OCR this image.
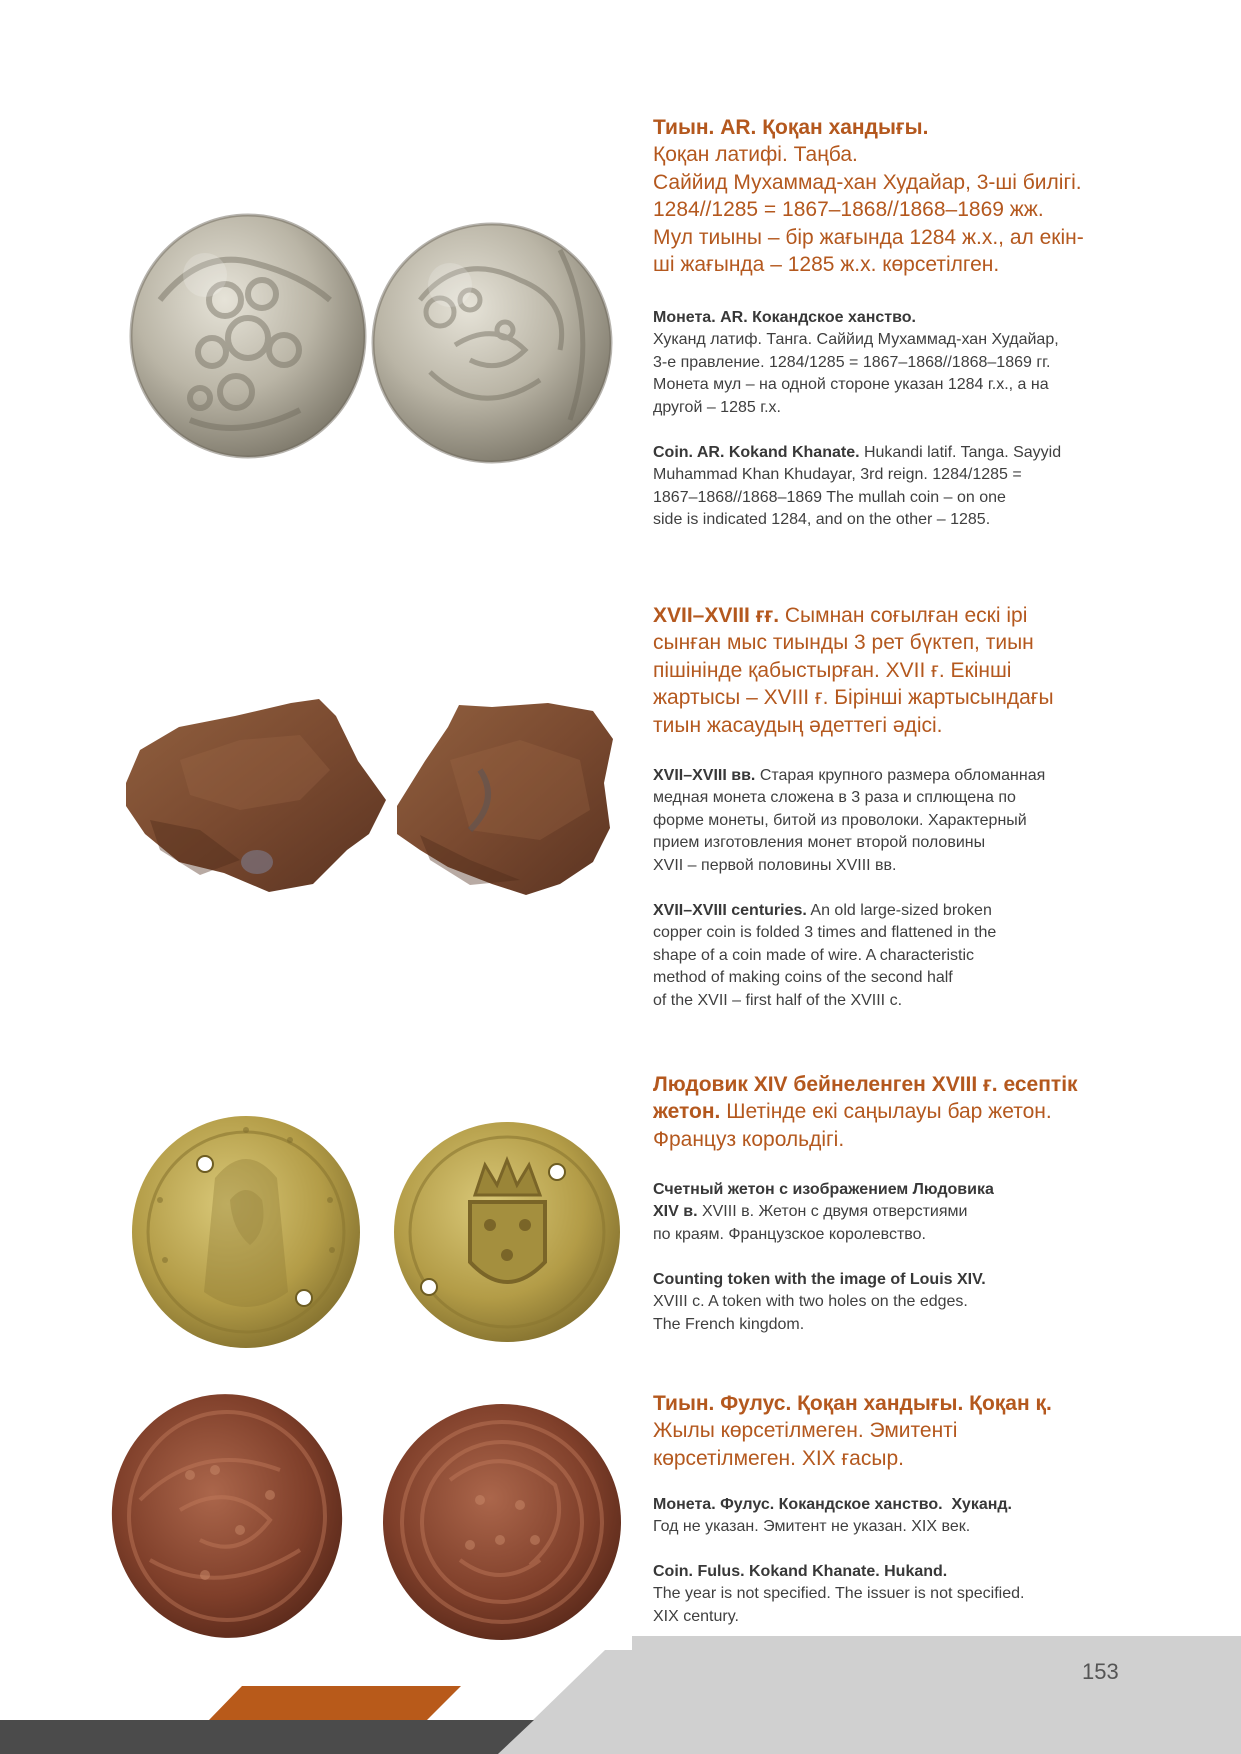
Тиын. AR. Қоқан хандығы.
Қоқан латифі. Таңба.
Саййид Мухаммад-хан Худайар, 3-ші билігі.
1284//1285 = 1867–1868//1868–1869 жж.
Мул тиыны – бір жағында 1284 ж.х., ал екін-
ші жағында – 1285 ж.х. көрсетілген.

Монета. AR. Кокандское ханство.
Хуканд латиф. Танга. Саййид Мухаммад-хан Худайар,
3-е правление. 1284/1285 = 1867–1868//1868–1869 гг.
Монета мул – на одной стороне указан 1284 г.х., а на
другой – 1285 г.х.

Coin. AR. Kokand Khanate. Hukandi latif. Tanga. Sayyid
Muhammad Khan Khudayar, 3rd reign. 1284/1285 =
1867–1868//1868–1869 The mullah coin – on one
side is indicated 1284, and on the other – 1285.

XVII–XVIII ғғ. Сымнан соғылған ескі ірі
сынған мыс тиынды 3 рет бүктеп, тиын
пішінінде қабыстырған. XVII ғ. Екінші
жартысы – XVIII ғ. Бірінші жартысындағы
тиын жасаудың әдеттегі әдісі.

XVII–XVIII вв. Старая крупного размера обломанная
медная монета сложена в 3 раза и сплющена по
форме монеты, битой из проволоки. Характерный
прием изготовления монет второй половины
XVII – первой половины XVIII вв.

XVII–XVIII centuries. An old large-sized broken
copper coin is folded 3 times and flattened in the
shape of a coin made of wire. A characteristic
method of making coins of the second half
of the XVII – first half of the XVIII c.

Людовик XIV бейнеленген XVIII ғ. есептік
жетон. Шетінде екі саңылауы бар жетон.
Француз корольдігі.

Счетный жетон с изображением Людовика
XIV в. XVIII в. Жетон с двумя отверстиями
по краям. Французское королевство.

Counting token with the image of Louis XIV.
XVIII c. A token with two holes on the edges.
The French kingdom.

Тиын. Фулус. Қоқан хандығы. Қоқан қ.
Жылы көрсетілмеген. Эмитенті
көрсетілмеген. XIX ғасыр.

Монета. Фулус. Кокандское ханство.  Хуканд.
Год не указан. Эмитент не указан. XIX век.

Coin. Fulus. Kokand Khanate. Hukand.
The year is not specified. The issuer is not specified.
XIX century.

153
